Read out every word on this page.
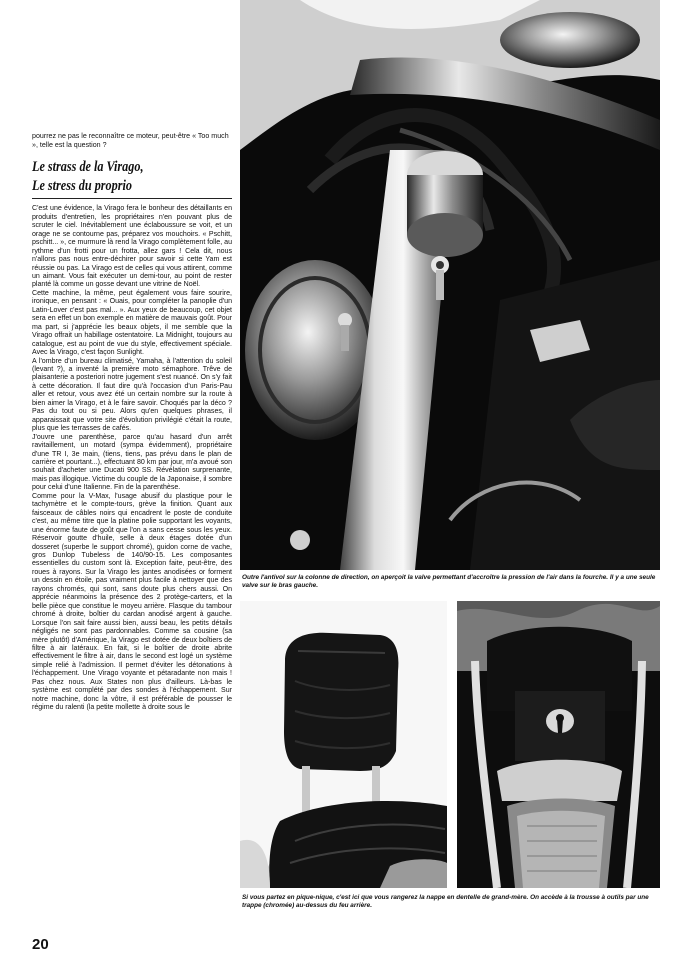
pourrez ne pas le reconnaître ce moteur, peut-être « Too much », telle est la question ?

Le strass de la Virago,
Le stress du proprio

C'est une évidence, la Virago fera le bonheur des détaillants en produits d'entretien, les propriétaires n'en pouvant plus de scruter le ciel. Inévitablement une éclaboussure se voit, et un orage ne se contourne pas, préparez vos mouchoirs. « Pschitt, pschitt... », ce murmure là rend la Virago complètement folle, au rythme d'un frotti pour un frotta, allez gars ! Cela dit, nous n'allons pas nous entre-déchirer pour savoir si cette Yam est réussie ou pas. La Virago est de celles qui vous attirent, comme un aimant. Vous fait exécuter un demi-tour, au point de rester planté là comme un gosse devant une vitrine de Noël.

Cette machine, la même, peut également vous faire sourire, ironique, en pensant : « Ouais, pour compléter la panoplie d'un Latin-Lover c'est pas mal... ». Aux yeux de beaucoup, cet objet sera en effet un bon exemple en matière de mauvais goût. Pour ma part, si j'apprécie les beaux objets, il me semble que la Virago offrait un habillage ostentatoire. La Midnight, toujours au catalogue, est au point de vue du style, effectivement spéciale. Avec la Virago, c'est façon Sunlight.

A l'ombre d'un bureau climatisé, Yamaha, à l'attention du soleil (levant ?), a inventé la première moto sémaphore. Trêve de plaisanterie a posteriori notre jugement s'est nuancé. On s'y fait à cette décoration. Il faut dire qu'à l'occasion d'un Paris-Pau aller et retour, vous avez été un certain nombre sur la route à bien aimer la Virago, et à le faire savoir. Choqués par la déco ? Pas du tout ou si peu. Alors qu'en quelques phrases, il apparaissait que votre site d'évolution privilégié c'était la route, plus que les terrasses de cafés.

J'ouvre une parenthèse, parce qu'au hasard d'un arrêt ravitaillement, un motard (sympa évidemment), propriétaire d'une TR I, 3e main, (tiens, tiens, pas prévu dans le plan de carrière et pourtant...), effectuant 80 km par jour, m'a avoué son souhait d'acheter une Ducati 900 SS. Révélation surprenante, mais pas illogique. Victime du couple de la Japonaise, il sombre pour celui d'une Italienne. Fin de la parenthèse.

Comme pour la V-Max, l'usage abusif du plastique pour le tachymètre et le compte-tours, grève la finition. Quant aux faisceaux de câbles noirs qui encadrent le poste de conduite c'est, au même titre que la platine polie supportant les voyants, une énorme faute de goût que l'on a sans cesse sous les yeux. Réservoir goutte d'huile, selle à deux étages dotée d'un dosseret (superbe le support chromé), guidon corne de vache, gros Dunlop Tubeless de 140/90-15. Les composantes essentielles du custom sont là. Exception faite, peut-être, des roues à rayons. Sur la Virago les jantes anodisées or forment un dessin en étoile, pas vraiment plus facile à nettoyer que des rayons chromés, qui sont, sans doute plus chers aussi. On apprécie néanmoins la présence des 2 protège-carters, et la belle pièce que constitue le moyeu arrière. Flasque du tambour chromé à droite, boîtier du cardan anodisé argent à gauche. Lorsque l'on sait faire aussi bien, aussi beau, les petits détails négligés ne sont pas pardonnables. Comme sa cousine (sa mère plutôt) d'Amérique, la Virago est dotée de deux boîtiers de filtre à air latéraux. En fait, si le boîtier de droite abrite effectivement le filtre à air, dans le second est logé un système simple relié à l'admission. Il permet d'éviter les détonations à l'échappement. Une Virago voyante et pétaradante non mais ! Pas chez nous. Aux States non plus d'ailleurs. Là-bas le système est complété par des sondes à l'échappement. Sur notre machine, donc la vôtre, il est préférable de pousser le régime du ralenti (la petite mollette à droite sous le

20

Outre l'antivol sur la colonne de direction, on aperçoit la valve permettant d'accroître la pression de l'air dans la fourche. Il y a une seule valve sur le bras gauche.

Si vous partez en pique-nique, c'est ici que vous rangerez la nappe en dentelle de grand-mère. On accède à la trousse à outils par une trappe (chromée) au-dessus du feu arrière.
